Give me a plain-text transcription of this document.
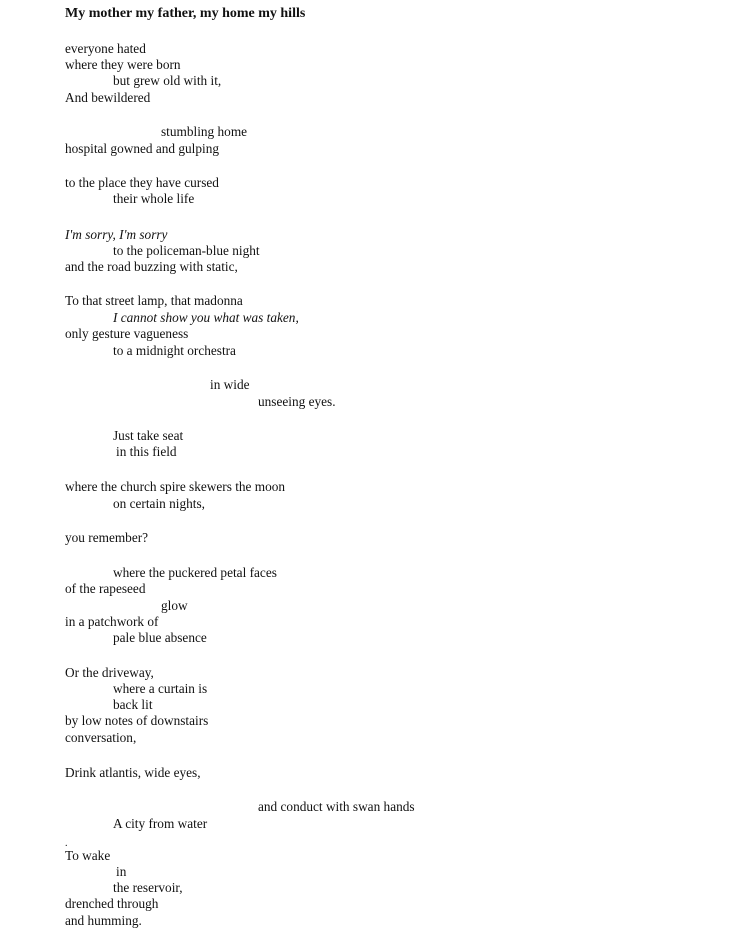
My mother my father, my home my hills
everyone hated
where they were born
but grew old with it,
And bewildered
stumbling home
hospital gowned and gulping
to the place they have cursed
their whole life
I'm sorry, I'm sorry
to the policeman-blue night
and the road buzzing with static,
To that street lamp, that madonna
I cannot show you what was taken,
only gesture vagueness
to a midnight orchestra
in wide
unseeing eyes.
Just take seat
in this field
where the church spire skewers the moon
on certain nights,
you remember?
where the puckered petal faces
of the rapeseed
glow
in a patchwork of
pale blue absence
Or the driveway,
where a curtain is
back lit
by low notes of downstairs
conversation,
Drink atlantis, wide eyes,
and conduct with swan hands
A city from water
.
To wake
in
the reservoir,
drenched through
and humming.
